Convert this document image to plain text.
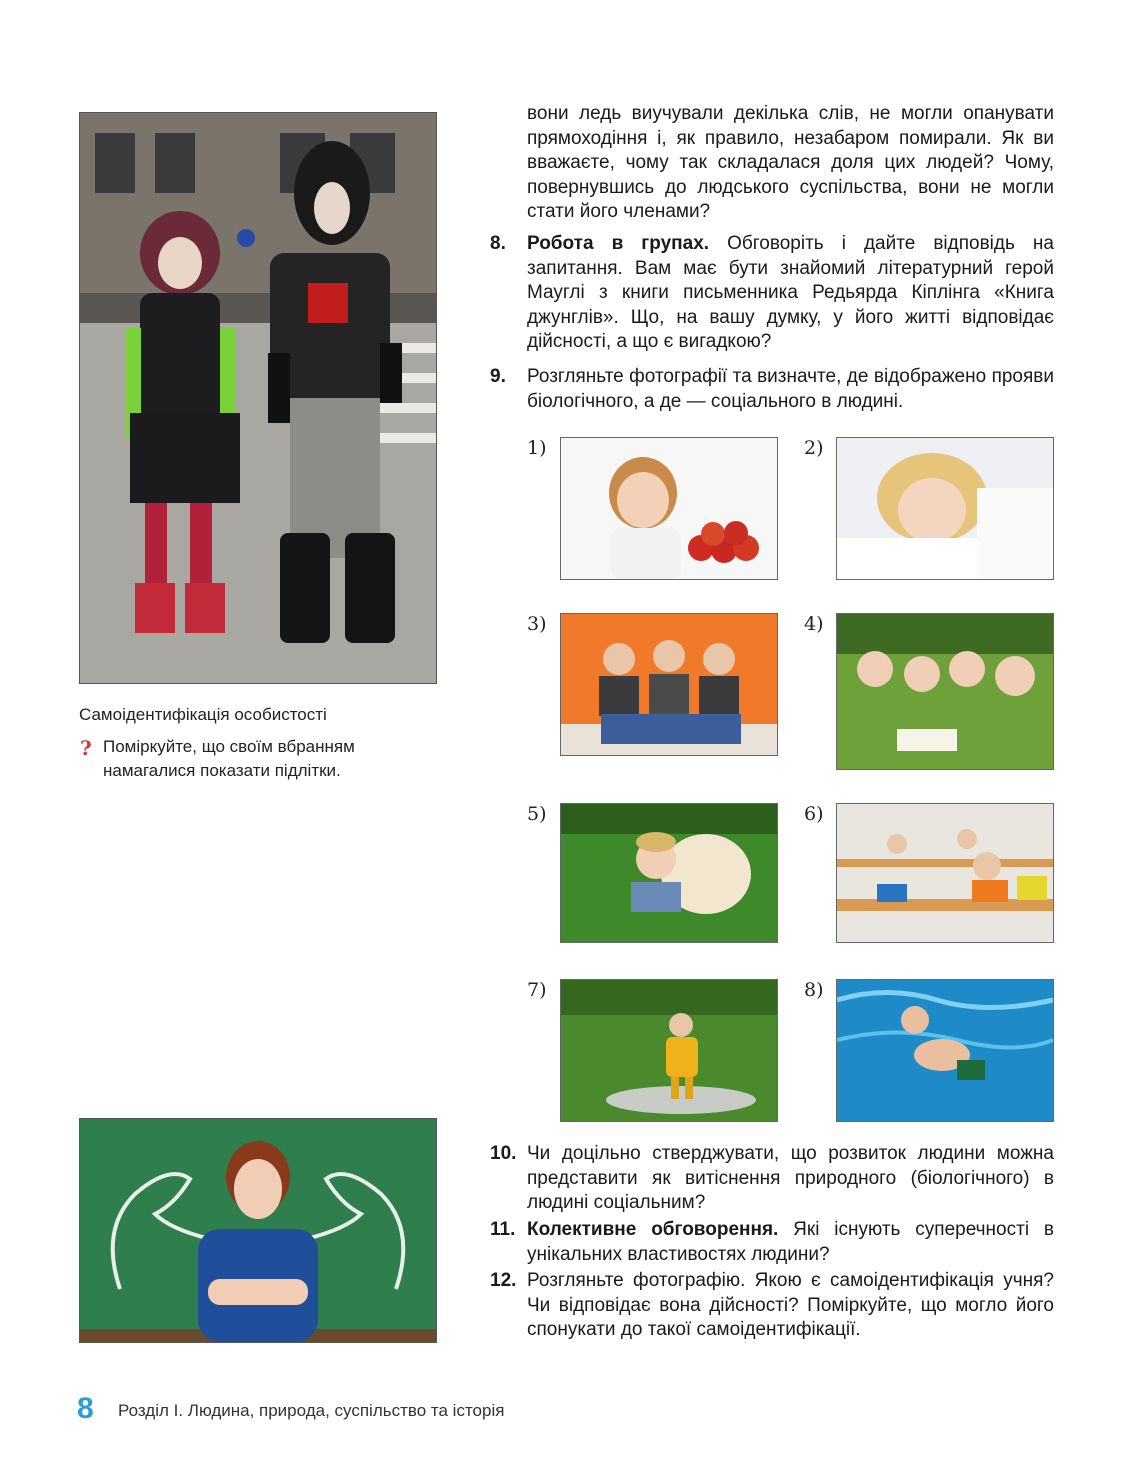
Самоідентифікація особистості
? Поміркуйте, що своїм вбранням намагалися показати підлітки.
вони ледь виучували декілька слів, не могли опанувати прямоходіння і, як правило, незабаром помирали. Як ви вважаєте, чому так складалася доля цих людей? Чому, повернувшись до людського суспільства, вони не могли стати його членами?
8. Робота в групах. Обговоріть і дайте відповідь на запитання. Вам має бути знайомий літературний герой Мауглі з книги письменника Редьярда Кіплінга «Книга джунглів». Що, на вашу думку, у його житті відповідає дійсності, а що є вигадкою?
9. Розгляньте фотографії та визначте, де відображено прояви біологічного, а де — соціального в людині.
1)	2)
3)	4)
5)	6)
7)	8)
10. Чи доцільно стверджувати, що розвиток людини можна представити як витіснення природного (біологічного) в людині соціальним?
11. Колективне обговорення. Які існують суперечності в унікальних властивостях людини?
12. Розгляньте фотографію. Якою є самоідентифікація учня? Чи відповідає вона дійсності? Поміркуйте, що могло його спонукати до такої самоідентифікації.
8 Розділ І. Людина, природа, суспільство та історія
